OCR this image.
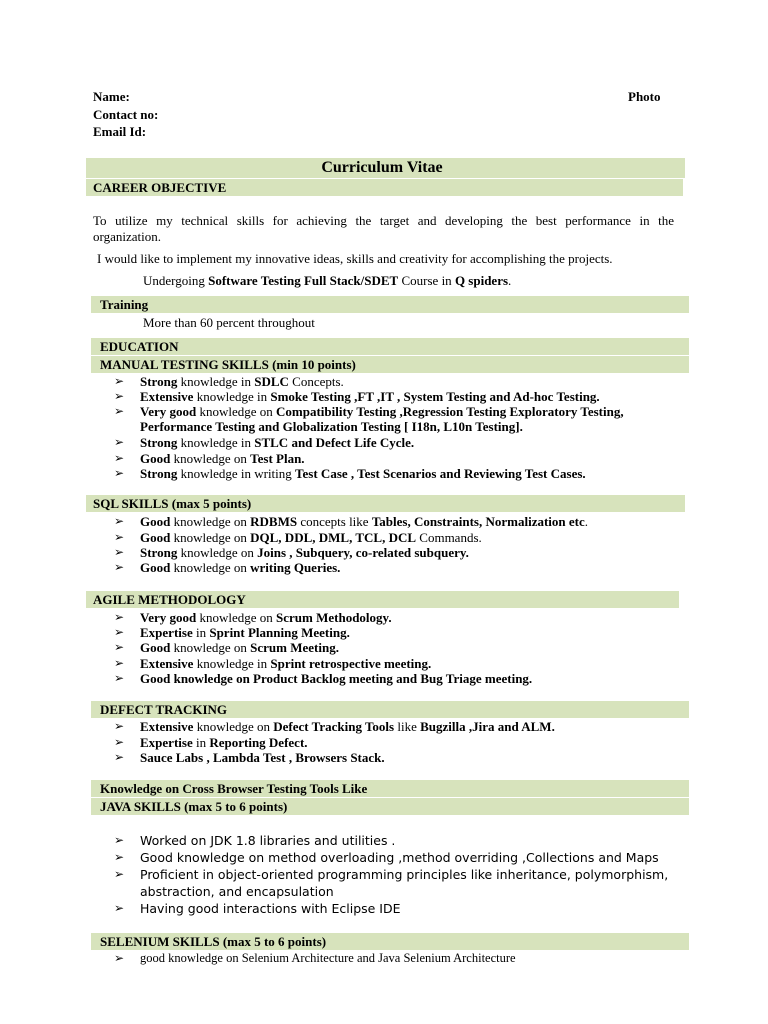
Name:	Photo
Contact no:
Email Id:
Curriculum Vitae
CAREER OBJECTIVE
To utilize my technical skills for achieving the target and developing the best performance in the
organization.
I would like to implement my innovative ideas, skills and creativity for accomplishing the projects.
Undergoing Software Testing Full Stack/SDET Course in Q spiders.
Training
More than 60 percent throughout
EDUCATION
MANUAL TESTING SKILLS (min 10 points)
➢ Strong knowledge in SDLC Concepts.
➢ Extensive knowledge in Smoke Testing ,FT ,IT , System Testing and Ad-hoc Testing.
➢ Very good knowledge on Compatibility Testing ,Regression Testing Exploratory Testing,
Performance Testing and Globalization Testing [ I18n, L10n Testing].
➢ Strong knowledge in STLC and Defect Life Cycle.
➢ Good knowledge on Test Plan.
➢ Strong knowledge in writing Test Case , Test Scenarios and Reviewing Test Cases.
SQL SKILLS (max 5 points)
➢ Good knowledge on RDBMS concepts like Tables, Constraints, Normalization etc.
➢ Good knowledge on DQL, DDL, DML, TCL, DCL Commands.
➢ Strong knowledge on Joins , Subquery, co-related subquery.
➢ Good knowledge on writing Queries.
AGILE METHODOLOGY
➢ Very good knowledge on Scrum Methodology.
➢ Expertise in Sprint Planning Meeting.
➢ Good knowledge on Scrum Meeting.
➢ Extensive knowledge in Sprint retrospective meeting.
➢ Good knowledge on Product Backlog meeting and Bug Triage meeting.
DEFECT TRACKING
➢ Extensive knowledge on Defect Tracking Tools like Bugzilla ,Jira and ALM.
➢ Expertise in Reporting Defect.
➢ Sauce Labs , Lambda Test , Browsers Stack.
Knowledge on Cross Browser Testing Tools Like
JAVA SKILLS (max 5 to 6 points)
➢ Worked on JDK 1.8 libraries and utilities .
➢ Good knowledge on method overloading ,method overriding ,Collections and Maps
➢ Proficient in object-oriented programming principles like inheritance, polymorphism,
abstraction, and encapsulation
➢ Having good interactions with Eclipse IDE
SELENIUM SKILLS (max 5 to 6 points)
➢ good knowledge on Selenium Architecture and Java Selenium Architecture
